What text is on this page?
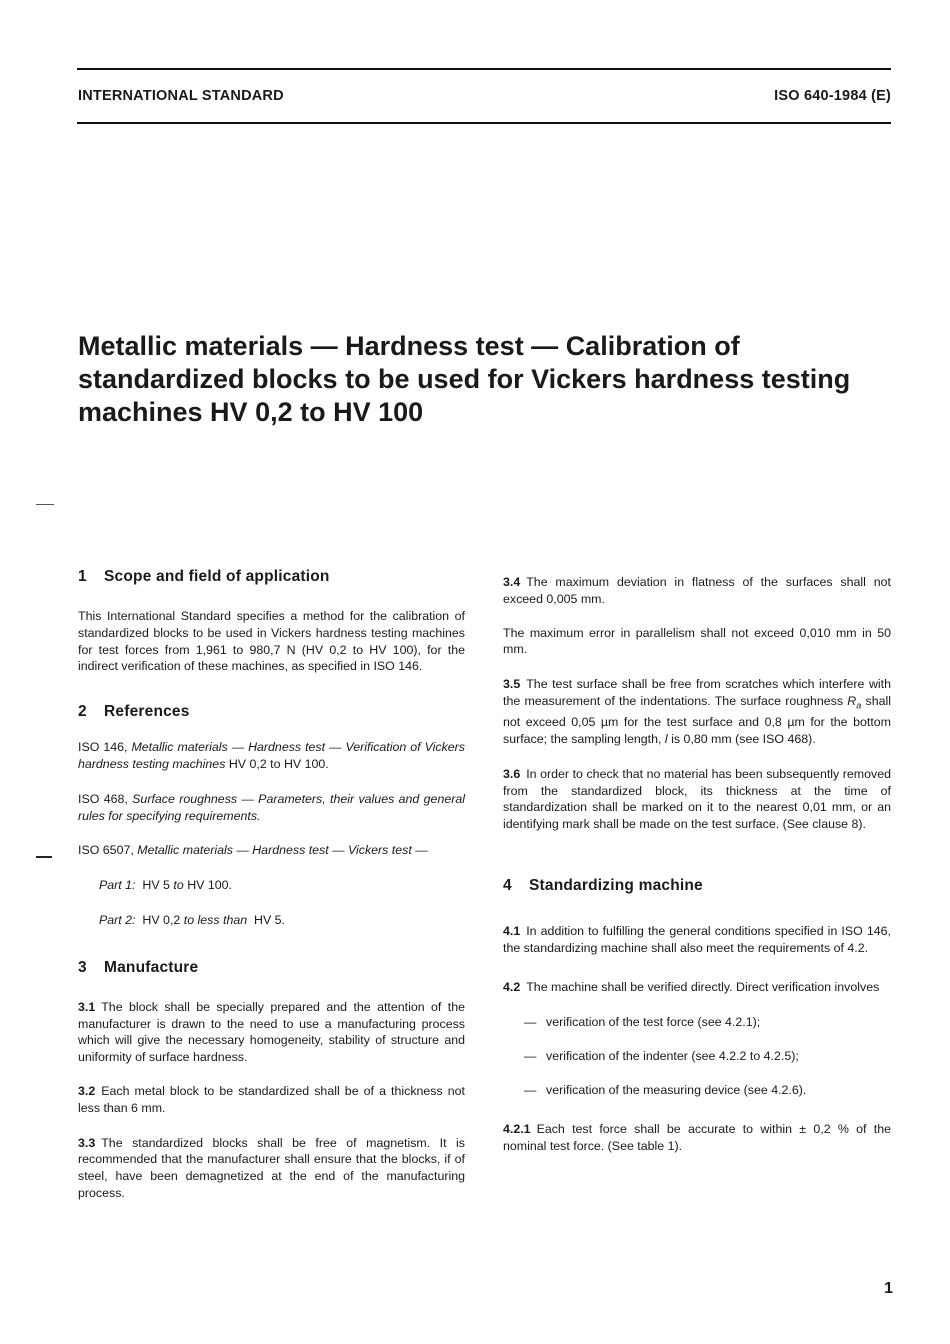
INTERNATIONAL STANDARD	ISO 640-1984 (E)
Metallic materials — Hardness test — Calibration of standardized blocks to be used for Vickers hardness testing machines HV 0,2 to HV 100
1 Scope and field of application

This International Standard specifies a method for the calibration of standardized blocks to be used in Vickers hardness testing machines for test forces from 1,961 to 980,7 N (HV 0,2 to HV 100), for the indirect verification of these machines, as specified in ISO 146.

2 References

ISO 146, Metallic materials — Hardness test — Verification of Vickers hardness testing machines HV 0,2 to HV 100.

ISO 468, Surface roughness — Parameters, their values and general rules for specifying requirements.

ISO 6507, Metallic materials — Hardness test — Vickers test —

Part 1: HV 5 to HV 100.

Part 2: HV 0,2 to less than HV 5.

3 Manufacture

3.1 The block shall be specially prepared and the attention of the manufacturer is drawn to the need to use a manufacturing process which will give the necessary homogeneity, stability of structure and uniformity of surface hardness.

3.2 Each metal block to be standardized shall be of a thickness not less than 6 mm.

3.3 The standardized blocks shall be free of magnetism. It is recommended that the manufacturer shall ensure that the blocks, if of steel, have been demagnetized at the end of the manufacturing process.

3.4 The maximum deviation in flatness of the surfaces shall not exceed 0,005 mm.

The maximum error in parallelism shall not exceed 0,010 mm in 50 mm.

3.5 The test surface shall be free from scratches which interfere with the measurement of the indentations. The surface roughness $R_a$ shall not exceed 0,05 µm for the test surface and 0,8 µm for the bottom surface; the sampling length, l is 0,80 mm (see ISO 468).

3.6 In order to check that no material has been subsequently removed from the standardized block, its thickness at the time of standardization shall be marked on it to the nearest 0,01 mm, or an identifying mark shall be made on the test surface. (See clause 8).

4 Standardizing machine

4.1 In addition to fulfilling the general conditions specified in ISO 146, the standardizing machine shall also meet the requirements of 4.2.

4.2 The machine shall be verified directly. Direct verification involves

— verification of the test force (see 4.2.1);

— verification of the indenter (see 4.2.2 to 4.2.5);

— verification of the measuring device (see 4.2.6).

4.2.1 Each test force shall be accurate to within ± 0,2 % of the nominal test force. (See table 1).

1
